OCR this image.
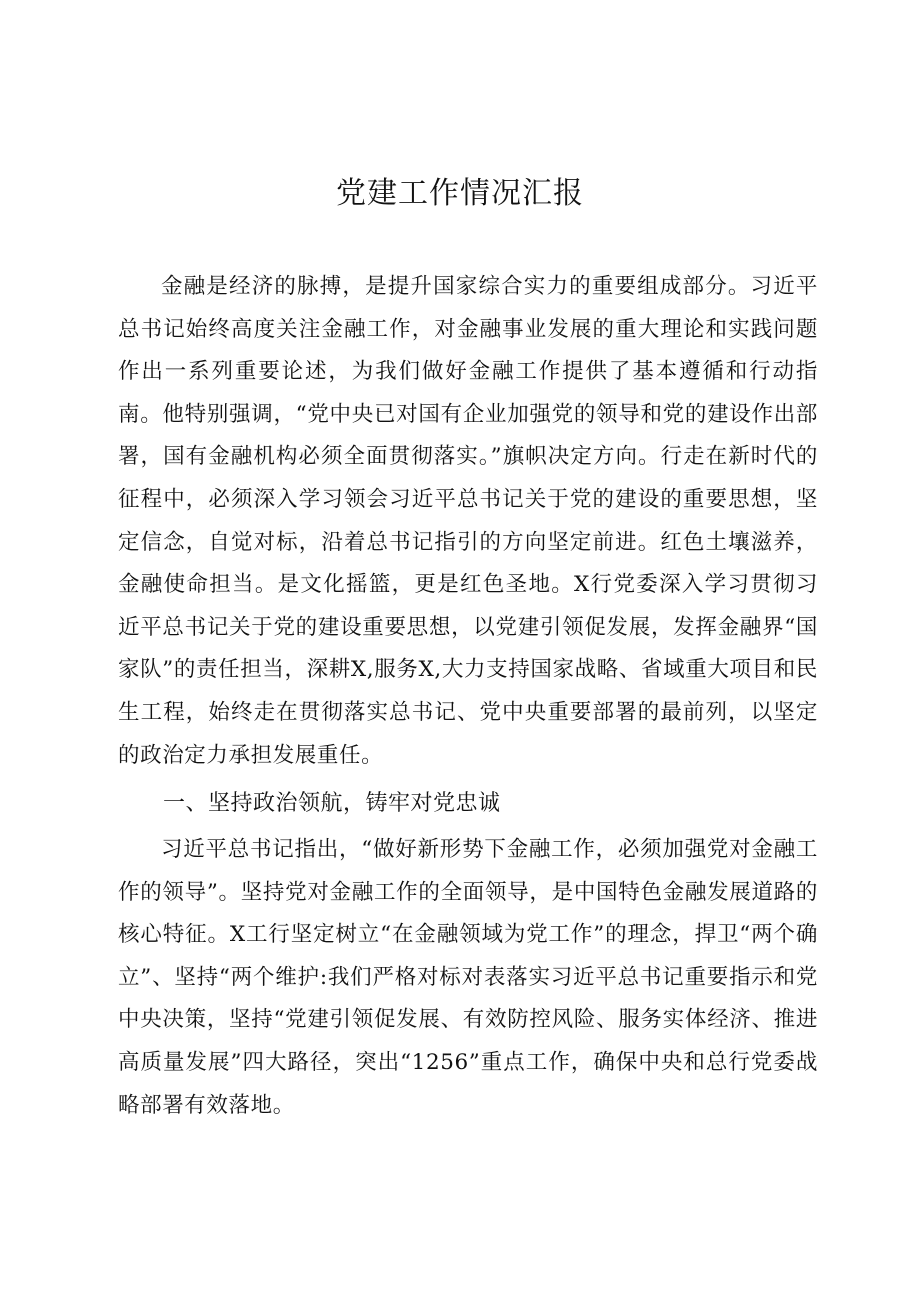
党建工作情况汇报

金融是经济的脉搏，是提升国家综合实力的重要组成部分。习近平总书记始终高度关注金融工作，对金融事业发展的重大理论和实践问题作出一系列重要论述，为我们做好金融工作提供了基本遵循和行动指南。他特别强调，“党中央已对国有企业加强党的领导和党的建设作出部署，国有金融机构必须全面贯彻落实。”旗帜决定方向。行走在新时代的征程中，必须深入学习领会习近平总书记关于党的建设的重要思想，坚定信念，自觉对标，沿着总书记指引的方向坚定前进。红色土壤滋养，金融使命担当。是文化摇篮，更是红色圣地。X行党委深入学习贯彻习近平总书记关于党的建设重要思想，以党建引领促发展，发挥金融界“国家队”的责任担当，深耕X,服务X,大力支持国家战略、省域重大项目和民生工程，始终走在贯彻落实总书记、党中央重要部署的最前列，以坚定的政治定力承担发展重任。

一、坚持政治领航，铸牢对党忠诚

习近平总书记指出，“做好新形势下金融工作，必须加强党对金融工作的领导”。坚持党对金融工作的全面领导，是中国特色金融发展道路的核心特征。X工行坚定树立“在金融领域为党工作”的理念，捍卫“两个确立”、坚持“两个维护:我们严格对标对表落实习近平总书记重要指示和党中央决策，坚持“党建引领促发展、有效防控风险、服务实体经济、推进高质量发展”四大路径，突出“1256”重点工作，确保中央和总行党委战略部署有效落地。
